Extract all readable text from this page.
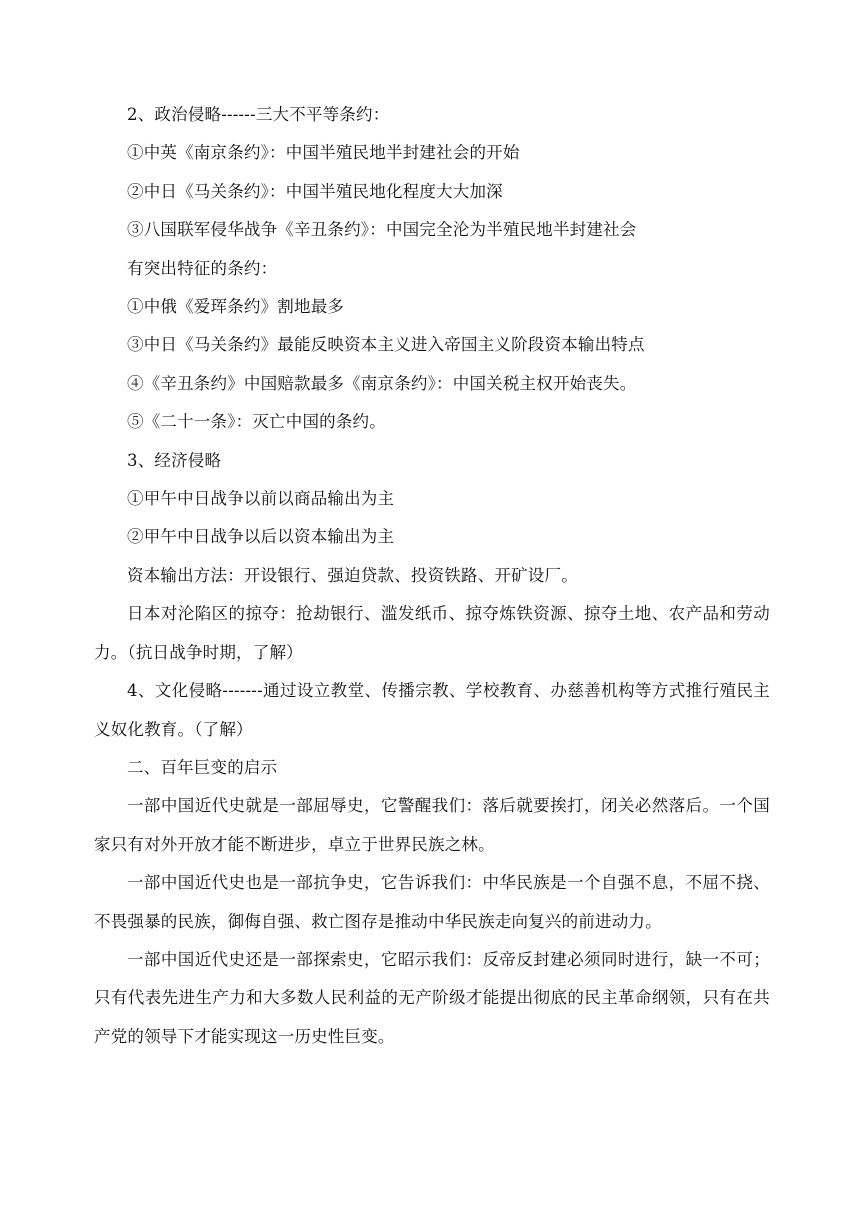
2、政治侵略------三大不平等条约：

①中英《南京条约》：中国半殖民地半封建社会的开始

②中日《马关条约》：中国半殖民地化程度大大加深

③八国联军侵华战争《辛丑条约》：中国完全沦为半殖民地半封建社会

有突出特征的条约：

①中俄《爱珲条约》割地最多

③中日《马关条约》最能反映资本主义进入帝国主义阶段资本输出特点

④《辛丑条约》中国赔款最多《南京条约》：中国关税主权开始丧失。

⑤《二十一条》：灭亡中国的条约。

3、经济侵略

①甲午中日战争以前以商品输出为主

②甲午中日战争以后以资本输出为主

资本输出方法：开设银行、强迫贷款、投资铁路、开矿设厂。

日本对沦陷区的掠夺：抢劫银行、滥发纸币、掠夺炼铁资源、掠夺土地、农产品和劳动力。（抗日战争时期，了解）

4、文化侵略-------通过设立教堂、传播宗教、学校教育、办慈善机构等方式推行殖民主义奴化教育。（了解）

二、百年巨变的启示

一部中国近代史就是一部屈辱史，它警醒我们：落后就要挨打，闭关必然落后。一个国家只有对外开放才能不断进步，卓立于世界民族之林。

一部中国近代史也是一部抗争史，它告诉我们：中华民族是一个自强不息，不屈不挠、不畏强暴的民族，御侮自强、救亡图存是推动中华民族走向复兴的前进动力。

一部中国近代史还是一部探索史，它昭示我们：反帝反封建必须同时进行，缺一不可；只有代表先进生产力和大多数人民利益的无产阶级才能提出彻底的民主革命纲领，只有在共产党的领导下才能实现这一历史性巨变。
